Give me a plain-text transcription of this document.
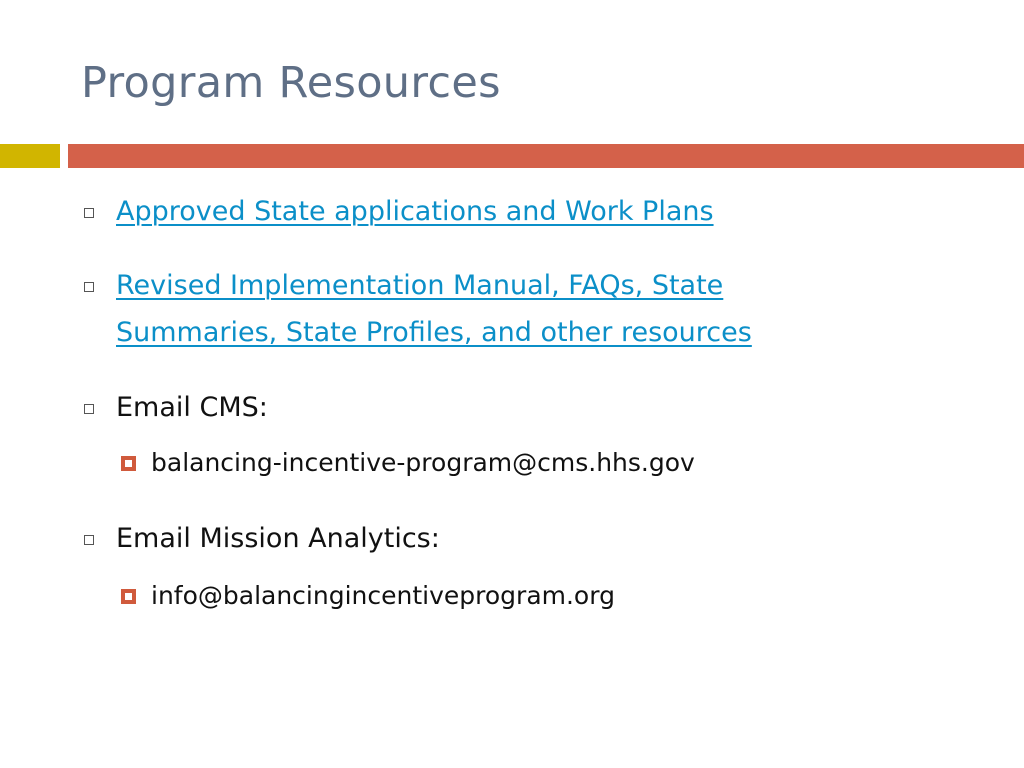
Program Resources
Approved State applications and Work Plans
Revised Implementation Manual, FAQs, State
Summaries, State Profiles, and other resources
Email CMS:
balancing-incentive-program@cms.hhs.gov
Email Mission Analytics:
info@balancingincentiveprogram.org
